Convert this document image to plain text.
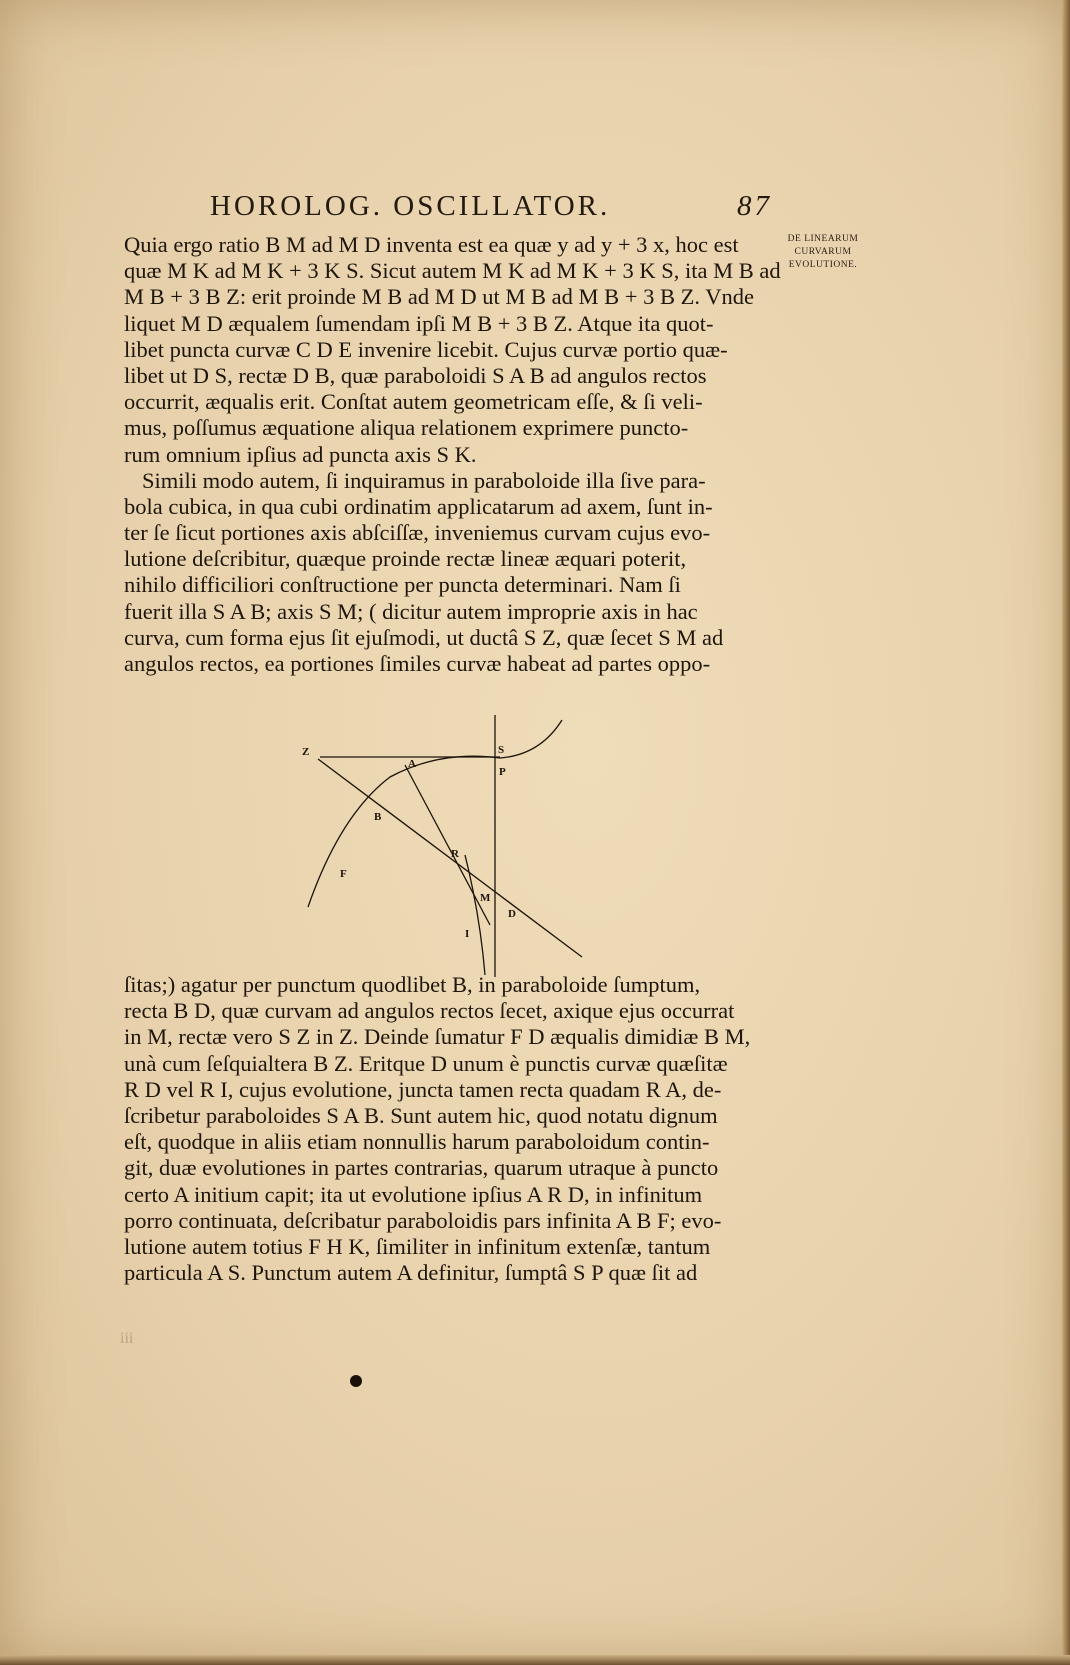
HOROLOG. OSCILLATOR.	87
DE LINEARUM
CURVARUM
EVOLUTIONE.
Quia ergo ratio B M ad M D inventa est ea quæ y ad y + 3 x, hoc est
quæ M K ad M K + 3 K S. Sicut autem M K ad M K + 3 K S, ita M B ad
M B + 3 B Z: erit proinde M B ad M D ut M B ad M B + 3 B Z. Vnde
liquet M D æqualem ſumendam ipſi M B + 3 B Z. Atque ita quot-
libet puncta curvæ C D E invenire licebit. Cujus curvæ portio quæ-
libet ut D S, rectæ D B, quæ paraboloidi S A B ad angulos rectos
occurrit, æqualis erit. Conſtat autem geometricam eſſe, & ſi veli-
mus, poſſumus æquatione aliqua relationem exprimere puncto-
rum omnium ipſius ad puncta axis S K.
Simili modo autem, ſi inquiramus in paraboloide illa ſive para-
bola cubica, in qua cubi ordinatim applicatarum ad axem, ſunt in-
ter ſe ſicut portiones axis abſciſſæ, inveniemus curvam cujus evo-
lutione deſcribitur, quæque proinde rectæ lineæ æquari poterit,
nihilo difficiliori conſtructione per puncta determinari. Nam ſi
fuerit illa S A B; axis S M; ( dicitur autem improprie axis in hac
curva, cum forma ejus ſit ejuſmodi, ut ductâ S Z, quæ ſecet S M ad
angulos rectos, ea portiones ſimiles curvæ habeat ad partes oppo-
Z	S
A
P
B
R
F
M
D
I
ſitas;) agatur per punctum quodlibet B, in paraboloide ſumptum,
recta B D, quæ curvam ad angulos rectos ſecet, axique ejus occurrat
in M, rectæ vero S Z in Z. Deinde ſumatur F D æqualis dimidiæ B M,
unà cum ſeſquialtera B Z. Eritque D unum è punctis curvæ quæſitæ
R D vel R I, cujus evolutione, juncta tamen recta quadam R A, de-
ſcribetur paraboloides S A B. Sunt autem hic, quod notatu dignum
eſt, quodque in aliis etiam nonnullis harum paraboloidum contin-
git, duæ evolutiones in partes contrarias, quarum utraque à puncto
certo A initium capit; ita ut evolutione ipſius A R D, in infinitum
porro continuata, deſcribatur paraboloidis pars infinita A B F; evo-
lutione autem totius F H K, ſimiliter in infinitum extenſæ, tantum
particula A S. Punctum autem A definitur, ſumptâ S P quæ ſit ad
iii
